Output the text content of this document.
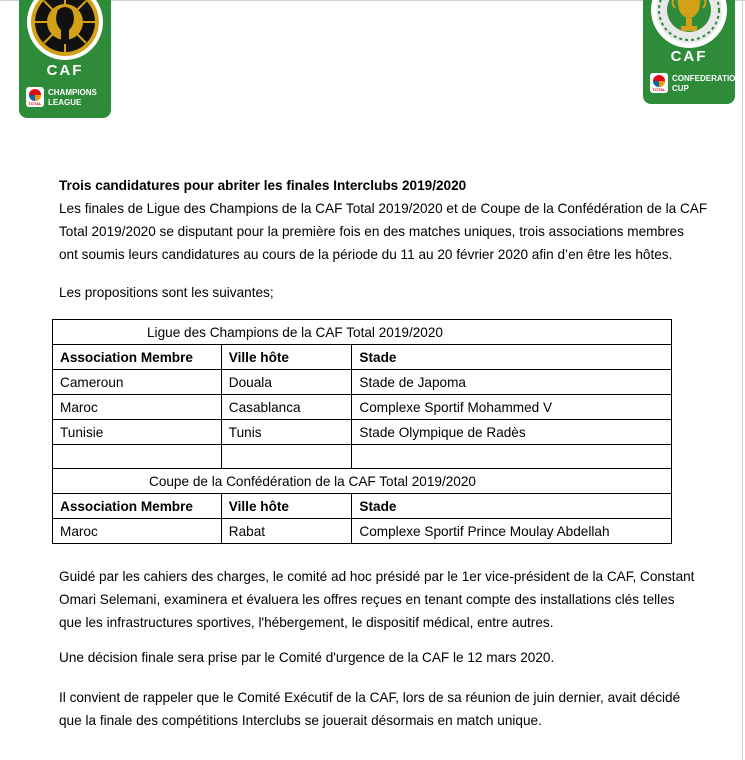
CAF
TOTAL
CHAMPIONS
LEAGUE
CAF
TOTAL
CONFEDERATION
CUP
Trois candidatures pour abriter les finales Interclubs 2019/2020
Les finales de Ligue des Champions de la CAF Total 2019/2020 et de Coupe de la Confédération de la CAF
Total 2019/2020 se disputant pour la première fois en des matches uniques, trois associations membres
ont soumis leurs candidatures au cours de la période du 11 au 20 février 2020 afin d’en être les hôtes.
Les propositions sont les suivantes;
Ligue des Champions de la CAF Total 2019/2020		
Association Membre	Ville hôte	Stade
Cameroun	Douala	Stade de Japoma
Maroc	Casablanca	Complexe Sportif Mohammed V
Tunisie	Tunis	Stade Olympique de Radès

Coupe de la Confédération de la CAF Total 2019/2020		
Association Membre	Ville hôte	Stade
Maroc	Rabat	Complexe Sportif Prince Moulay Abdellah
Guidé par les cahiers des charges, le comité ad hoc présidé par le 1er vice-président de la CAF, Constant
Omari Selemani, examinera et évaluera les offres reçues en tenant compte des installations clés telles
que les infrastructures sportives, l'hébergement, le dispositif médical, entre autres.
Une décision finale sera prise par le Comité d'urgence de la CAF le 12 mars 2020.
Il convient de rappeler que le Comité Exécutif de la CAF, lors de sa réunion de juin dernier, avait décidé
que la finale des compétitions Interclubs se jouerait désormais en match unique.
